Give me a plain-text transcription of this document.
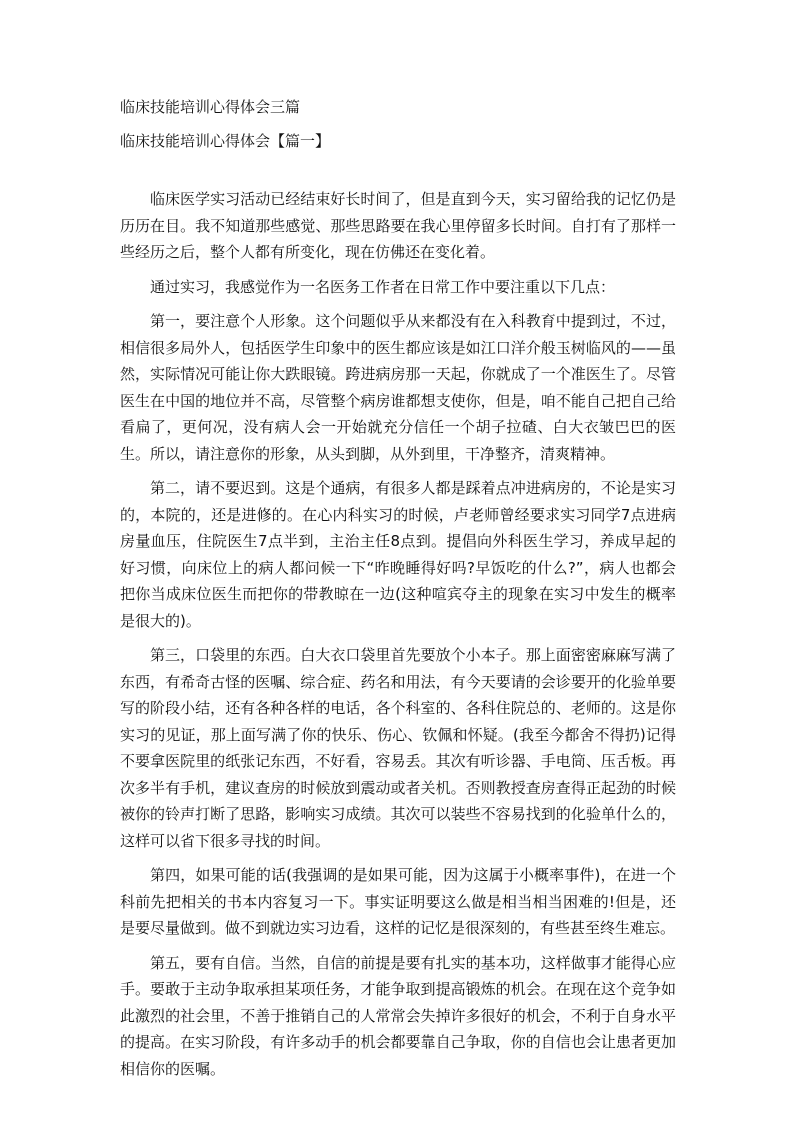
临床技能培训心得体会三篇
临床技能培训心得体会【篇一】

临床医学实习活动已经结束好长时间了，但是直到今天，实习留给我的记忆仍是历历在目。我不知道那些感觉、那些思路要在我心里停留多长时间。自打有了那样一些经历之后，整个人都有所变化，现在仿佛还在变化着。

通过实习，我感觉作为一名医务工作者在日常工作中要注重以下几点：

第一，要注意个人形象。这个问题似乎从来都没有在入科教育中提到过，不过，相信很多局外人，包括医学生印象中的医生都应该是如江口洋介般玉树临风的——虽然，实际情况可能让你大跌眼镜。跨进病房那一天起，你就成了一个准医生了。尽管医生在中国的地位并不高，尽管整个病房谁都想支使你，但是，咱不能自己把自己给看扁了，更何况，没有病人会一开始就充分信任一个胡子拉碴、白大衣皱巴巴的医生。所以，请注意你的形象，从头到脚，从外到里，干净整齐，清爽精神。

第二，请不要迟到。这是个通病，有很多人都是踩着点冲进病房的，不论是实习的，本院的，还是进修的。在心内科实习的时候，卢老师曾经要求实习同学7点进病房量血压，住院医生7点半到，主治主任8点到。提倡向外科医生学习，养成早起的好习惯，向床位上的病人都问候一下“昨晚睡得好吗?早饭吃的什么?”，病人也都会把你当成床位医生而把你的带教晾在一边(这种喧宾夺主的现象在实习中发生的概率是很大的)。

第三，口袋里的东西。白大衣口袋里首先要放个小本子。那上面密密麻麻写满了东西，有希奇古怪的医嘱、综合症、药名和用法，有今天要请的会诊要开的化验单要写的阶段小结，还有各种各样的电话，各个科室的、各科住院总的、老师的。这是你实习的见证，那上面写满了你的快乐、伤心、钦佩和怀疑。(我至今都舍不得扔)记得不要拿医院里的纸张记东西，不好看，容易丢。其次有听诊器、手电筒、压舌板。再次多半有手机，建议查房的时候放到震动或者关机。否则教授查房查得正起劲的时候被你的铃声打断了思路，影响实习成绩。其次可以装些不容易找到的化验单什么的，这样可以省下很多寻找的时间。

第四，如果可能的话(我强调的是如果可能，因为这属于小概率事件)，在进一个科前先把相关的书本内容复习一下。事实证明要这么做是相当相当困难的!但是，还是要尽量做到。做不到就边实习边看，这样的记忆是很深刻的，有些甚至终生难忘。

第五，要有自信。当然，自信的前提是要有扎实的基本功，这样做事才能得心应手。要敢于主动争取承担某项任务，才能争取到提高锻炼的机会。在现在这个竞争如此激烈的社会里，不善于推销自己的人常常会失掉许多很好的机会，不利于自身水平的提高。在实习阶段，有许多动手的机会都要靠自己争取，你的自信也会让患者更加相信你的医嘱。
